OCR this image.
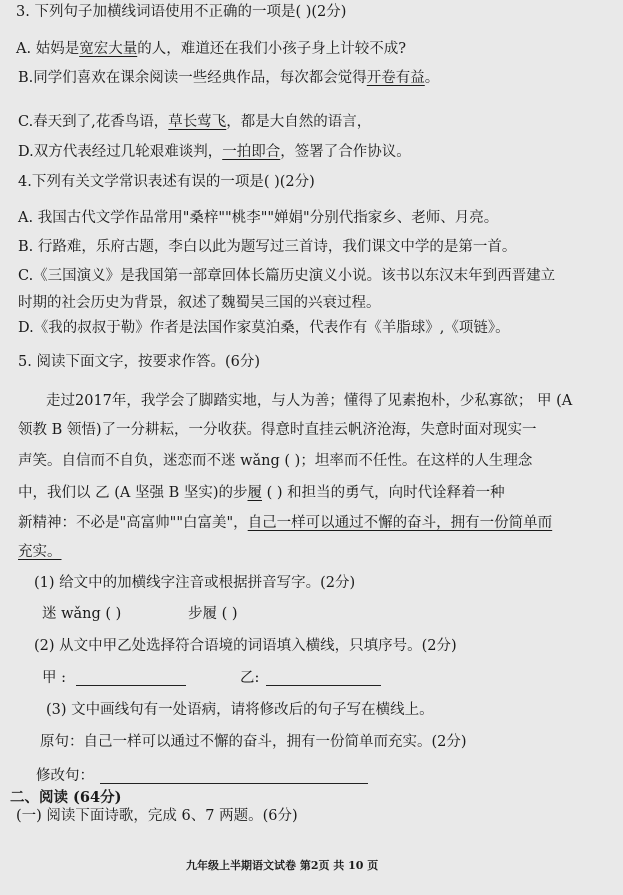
3. 下列句子加横线词语使用不正确的一项是( )(2分)
A. 姑妈是宽宏大量的人，难道还在我们小孩子身上计较不成?
B.同学们喜欢在课余阅读一些经典作品，每次都会觉得开卷有益。
C.春天到了,花香鸟语，草长莺飞，都是大自然的语言，
D.双方代表经过几轮艰难谈判，一拍即合，签署了合作协议。
4.下列有关文学常识表述有误的一项是( )(2分)
A. 我国古代文学作品常用"桑梓""桃李""婵娟"分别代指家乡、老师、月亮。
B. 行路难，乐府古题，李白以此为题写过三首诗，我们课文中学的是第一首。
C.《三国演义》是我国第一部章回体长篇历史演义小说。该书以东汉末年到西晋建立
时期的社会历史为背景，叙述了魏蜀吴三国的兴衰过程。
D.《我的叔叔于勒》作者是法国作家莫泊桑，代表作有《羊脂球》,《项链》。
5. 阅读下面文字，按要求作答。(6分)
走过2017年，我学会了脚踏实地，与人为善；懂得了见素抱朴，少私寡欲； 甲 (A
领教 B 领悟)了一分耕耘，一分收获。得意时直挂云帆济沧海，失意时面对现实一
声笑。自信而不自负，迷恋而不迷 wǎng ( )；坦率而不任性。在这样的人生理念
中，我们以 乙 (A 坚强 B 坚实)的步履 ( ) 和担当的勇气，向时代诠释着一种
新精神：不必是"高富帅""白富美"，自己一样可以通过不懈的奋斗，拥有一份简单而
充实。
(1) 给文中的加横线字注音或根据拼音写字。(2分)
迷 wǎng ( )	步履 ( )
(2) 从文中甲乙处选择符合语境的词语填入横线，只填序号。(2分)
甲 :	乙:
(3) 文中画线句有一处语病，请将修改后的句子写在横线上。
原句：自己一样可以通过不懈的奋斗，拥有一份简单而充实。(2分)
修改句：
二、阅读 (64分)
(一) 阅读下面诗歌，完成 6、7 两题。(6分)
九年级上半期语文试卷 第2页 共 10 页
